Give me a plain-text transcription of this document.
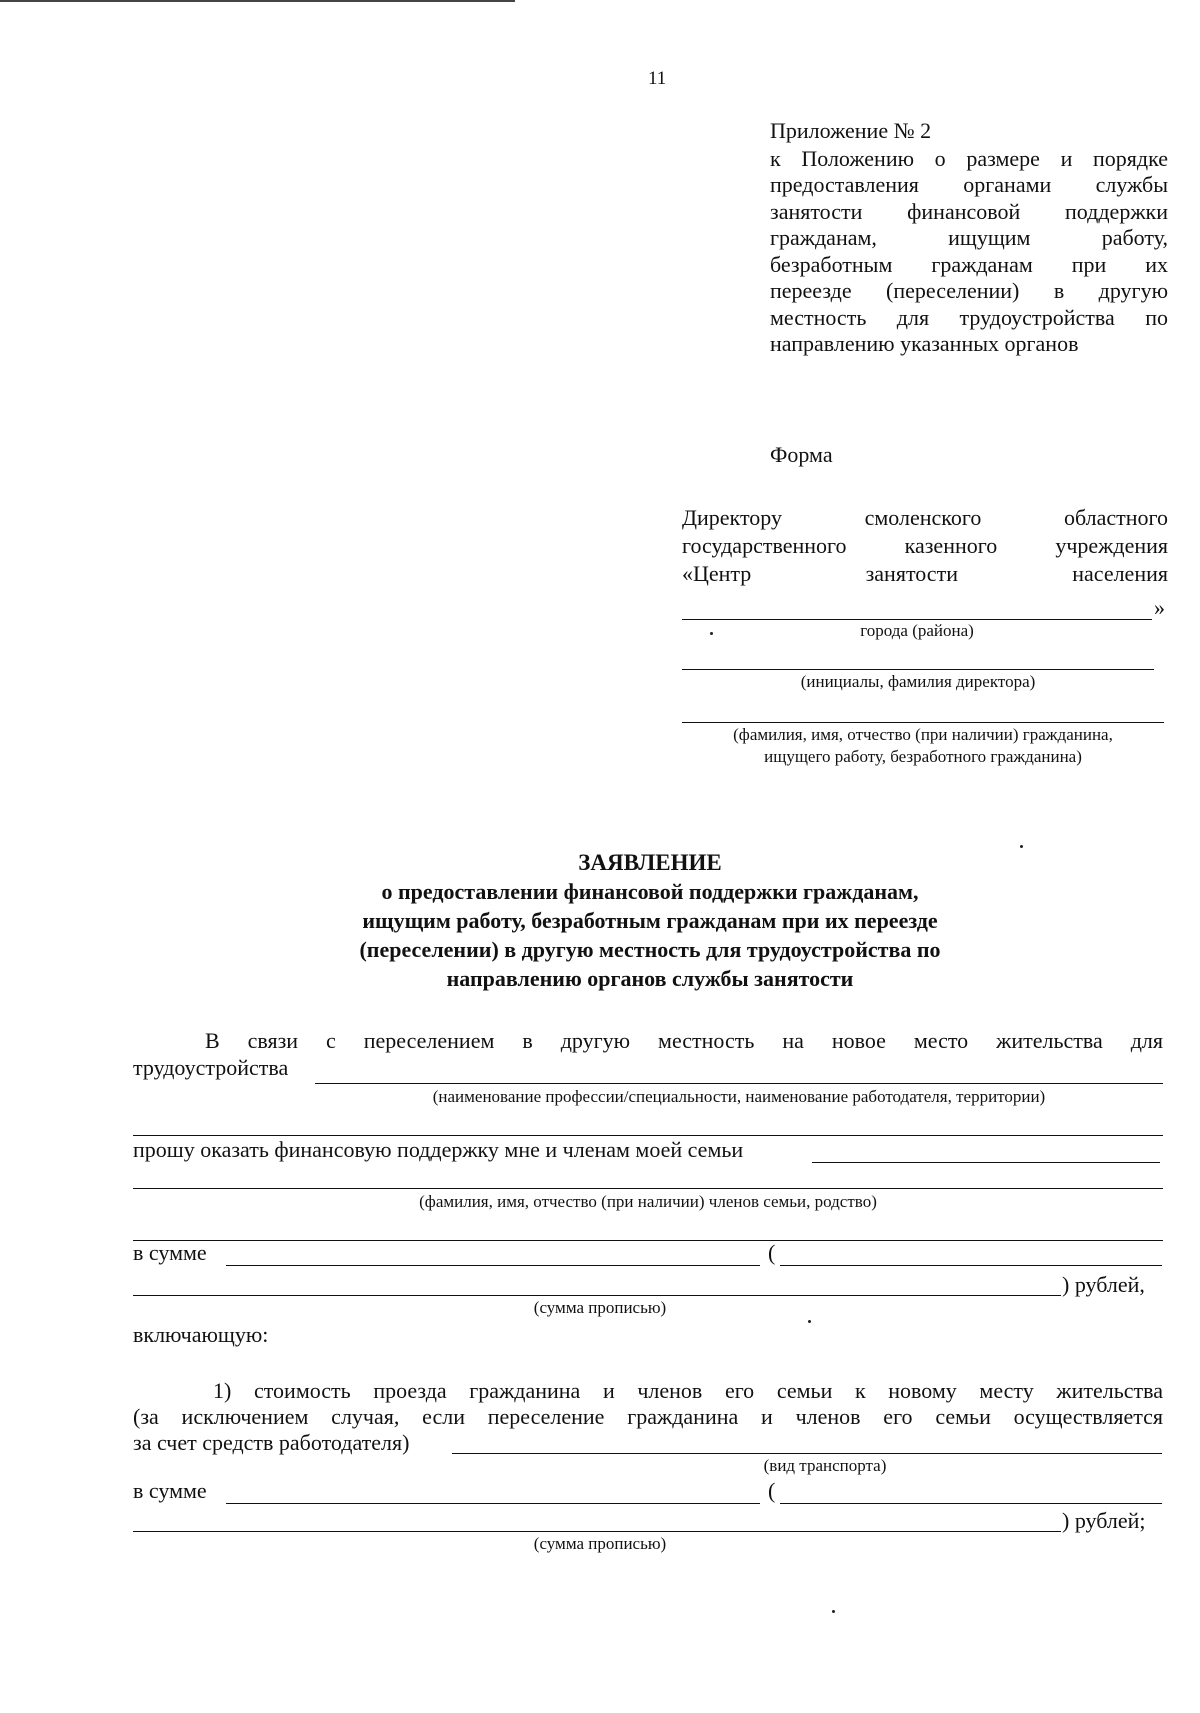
11
Приложение № 2
к Положению о размере и порядке
предоставления органами службы
занятости финансовой поддержки
гражданам, ищущим работу,
безработным гражданам при их
переезде (переселении) в другую
местность для трудоустройства по
направлению указанных органов
Форма
Директору смоленского областного
государственного казенного учреждения
«Центр занятости населения
»
города (района)
(инициалы, фамилия директора)
(фамилия, имя, отчество (при наличии) гражданина,
ищущего работу, безработного гражданина)
ЗАЯВЛЕНИЕ
о предоставлении финансовой поддержки гражданам,
ищущим работу, безработным гражданам при их переезде
(переселении) в другую местность для трудоустройства по
направлению органов службы занятости
В связи с переселением в другую местность на новое место жительства для
трудоустройства
(наименование профессии/специальности, наименование работодателя, территории)
прошу оказать финансовую поддержку мне и членам моей семьи
(фамилия, имя, отчество (при наличии) членов семьи, родство)
в сумме	(
) рублей,
(сумма прописью)
включающую:
1) стоимость проезда гражданина и членов его семьи к новому месту жительства
(за исключением случая, если переселение гражданина и членов его семьи осуществляется
за счет средств работодателя)
(вид транспорта)
в сумме	(
) рублей;
(сумма прописью)
